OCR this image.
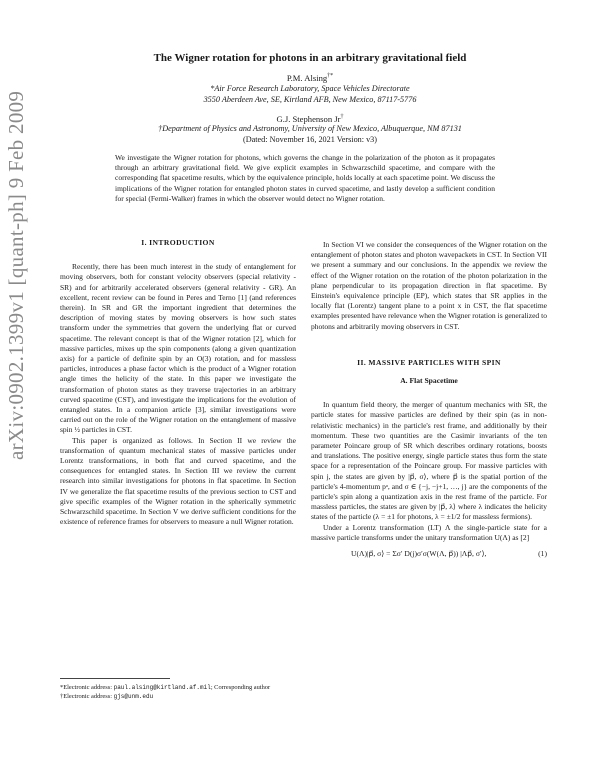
arXiv:0902.1399v1 [quant-ph] 9 Feb 2009
The Wigner rotation for photons in an arbitrary gravitational field
P.M. Alsing†*
*Air Force Research Laboratory, Space Vehicles Directorate
3550 Aberdeen Ave, SE, Kirtland AFB, New Mexico, 87117-5776
G.J. Stephenson Jr†
†Department of Physics and Astronomy, University of New Mexico, Albuquerque, NM 87131
(Dated: November 16, 2021 Version: v3)
We investigate the Wigner rotation for photons, which governs the change in the polarization of the photon as it propagates through an arbitrary gravitational field. We give explicit examples in Schwarzschild spacetime, and compare with the corresponding flat spacetime results, which by the equivalence principle, holds locally at each spacetime point. We discuss the implications of the Wigner rotation for entangled photon states in curved spacetime, and lastly develop a sufficient condition for special (Fermi-Walker) frames in which the observer would detect no Wigner rotation.
I. INTRODUCTION

Recently, there has been much interest in the study of entanglement for moving observers, both for constant velocity observers (special relativity - SR) and for arbitrarily accelerated observers (general relativity - GR). An excellent, recent review can be found in Peres and Terno [1] (and references therein). In SR and GR the important ingredient that determines the description of moving states by moving observers is how such states transform under the symmetries that govern the underlying flat or curved spacetime. The relevant concept is that of the Wigner rotation [2], which for massive particles, mixes up the spin components (along a given quantization axis) for a particle of definite spin by an O(3) rotation, and for massless particles, introduces a phase factor which is the product of a Wigner rotation angle times the helicity of the state. In this paper we investigate the transformation of photon states as they traverse trajectories in an arbitrary curved spacetime (CST), and investigate the implications for the evolution of entangled states. In a companion article [3], similar investigations were carried out on the role of the Wigner rotation on the entanglement of massive spin ½ particles in CST.

This paper is organized as follows. In Section II we review the transformation of quantum mechanical states of massive particles under Lorentz transformations, in both flat and curved spacetime, and the consequences for entangled states. In Section III we review the current research into similar investigations for photons in flat spacetime. In Section IV we generalize the flat spacetime results of the previous section to CST and give specific examples of the Wigner rotation in the spherically symmetric Schwarzschild spacetime. In Section V we derive sufficient conditions for the existence of reference frames for observers to measure a null Wigner rotation.

In Section VI we consider the consequences of the Wigner rotation on the entanglement of photon states and photon wavepackets in CST. In Section VII we present a summary and our conclusions. In the appendix we review the effect of the Wigner rotation on the rotation of the photon polarization in the plane perpendicular to its propagation direction in flat spacetime. By Einstein's equivalence principle (EP), which states that SR applies in the locally flat (Lorentz) tangent plane to a point x in CST, the flat spacetime examples presented have relevance when the Wigner rotation is generalized to photons and arbitrarily moving observers in CST.

II. MASSIVE PARTICLES WITH SPIN
A. Flat Spacetime

In quantum field theory, the merger of quantum mechanics with SR, the particle states for massive particles are defined by their spin (as in non-relativistic mechanics) in the particle's rest frame, and additionally by their momentum. These two quantities are the Casimir invariants of the ten parameter Poincare group of SR which describes ordinary rotations, boosts and translations. The positive energy, single particle states thus form the state space for a representation of the Poincare group. For massive particles with spin j, the states are given by |p⃗, σ⟩, where p⃗ is the spatial portion of the particle's 4-momentum pᵃ, and σ ∈ {−j, −j+1, …, j} are the components of the particle's spin along a quantization axis in the rest frame of the particle. For massless particles, the states are given by |p⃗, λ⟩ where λ indicates the helicity states of the particle (λ = ±1 for photons, λ = ±1/2 for massless fermions).

Under a Lorentz transformation (LT) Λ the single-particle state for a massive particle transforms under the unitary transformation U(Λ) as [2]

U(Λ)|p⃗, σ⟩ = Σσ′ D(j)σ′σ(W(Λ, p⃗)) |Λp⃗, σ′⟩,	(1)
*Electronic address: paul.alsing@kirtland.af.mil; Corresponding author
†Electronic address: gjs@unm.edu
